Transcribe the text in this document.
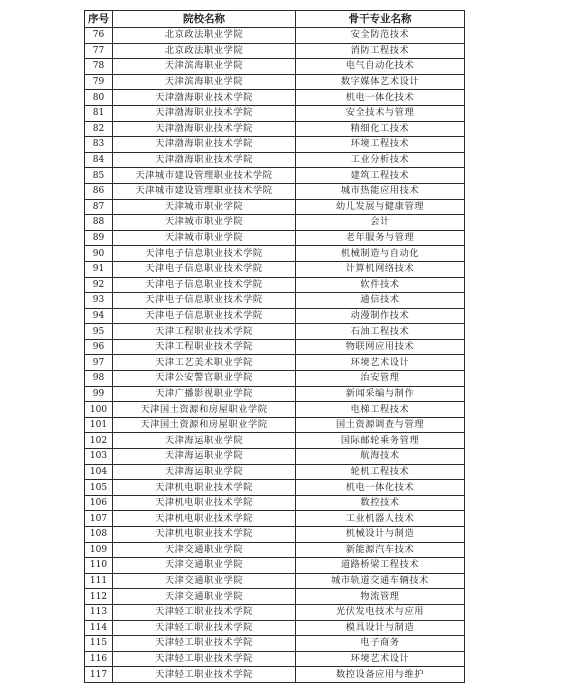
序号	院校名称	骨干专业名称
76	北京政法职业学院	安全防范技术
77	北京政法职业学院	消防工程技术
78	天津滨海职业学院	电气自动化技术
79	天津滨海职业学院	数字媒体艺术设计
80	天津渤海职业技术学院	机电一体化技术
81	天津渤海职业技术学院	安全技术与管理
82	天津渤海职业技术学院	精细化工技术
83	天津渤海职业技术学院	环境工程技术
84	天津渤海职业技术学院	工业分析技术
85	天津城市建设管理职业技术学院	建筑工程技术
86	天津城市建设管理职业技术学院	城市热能应用技术
87	天津城市职业学院	幼儿发展与健康管理
88	天津城市职业学院	会计
89	天津城市职业学院	老年服务与管理
90	天津电子信息职业技术学院	机械制造与自动化
91	天津电子信息职业技术学院	计算机网络技术
92	天津电子信息职业技术学院	软件技术
93	天津电子信息职业技术学院	通信技术
94	天津电子信息职业技术学院	动漫制作技术
95	天津工程职业技术学院	石油工程技术
96	天津工程职业技术学院	物联网应用技术
97	天津工艺美术职业学院	环境艺术设计
98	天津公安警官职业学院	治安管理
99	天津广播影视职业学院	新闻采编与制作
100	天津国土资源和房屋职业学院	电梯工程技术
101	天津国土资源和房屋职业学院	国土资源调查与管理
102	天津海运职业学院	国际邮轮乘务管理
103	天津海运职业学院	航海技术
104	天津海运职业学院	轮机工程技术
105	天津机电职业技术学院	机电一体化技术
106	天津机电职业技术学院	数控技术
107	天津机电职业技术学院	工业机器人技术
108	天津机电职业技术学院	机械设计与制造
109	天津交通职业学院	新能源汽车技术
110	天津交通职业学院	道路桥梁工程技术
111	天津交通职业学院	城市轨道交通车辆技术
112	天津交通职业学院	物流管理
113	天津轻工职业技术学院	光伏发电技术与应用
114	天津轻工职业技术学院	模具设计与制造
115	天津轻工职业技术学院	电子商务
116	天津轻工职业技术学院	环境艺术设计
117	天津轻工职业技术学院	数控设备应用与维护
